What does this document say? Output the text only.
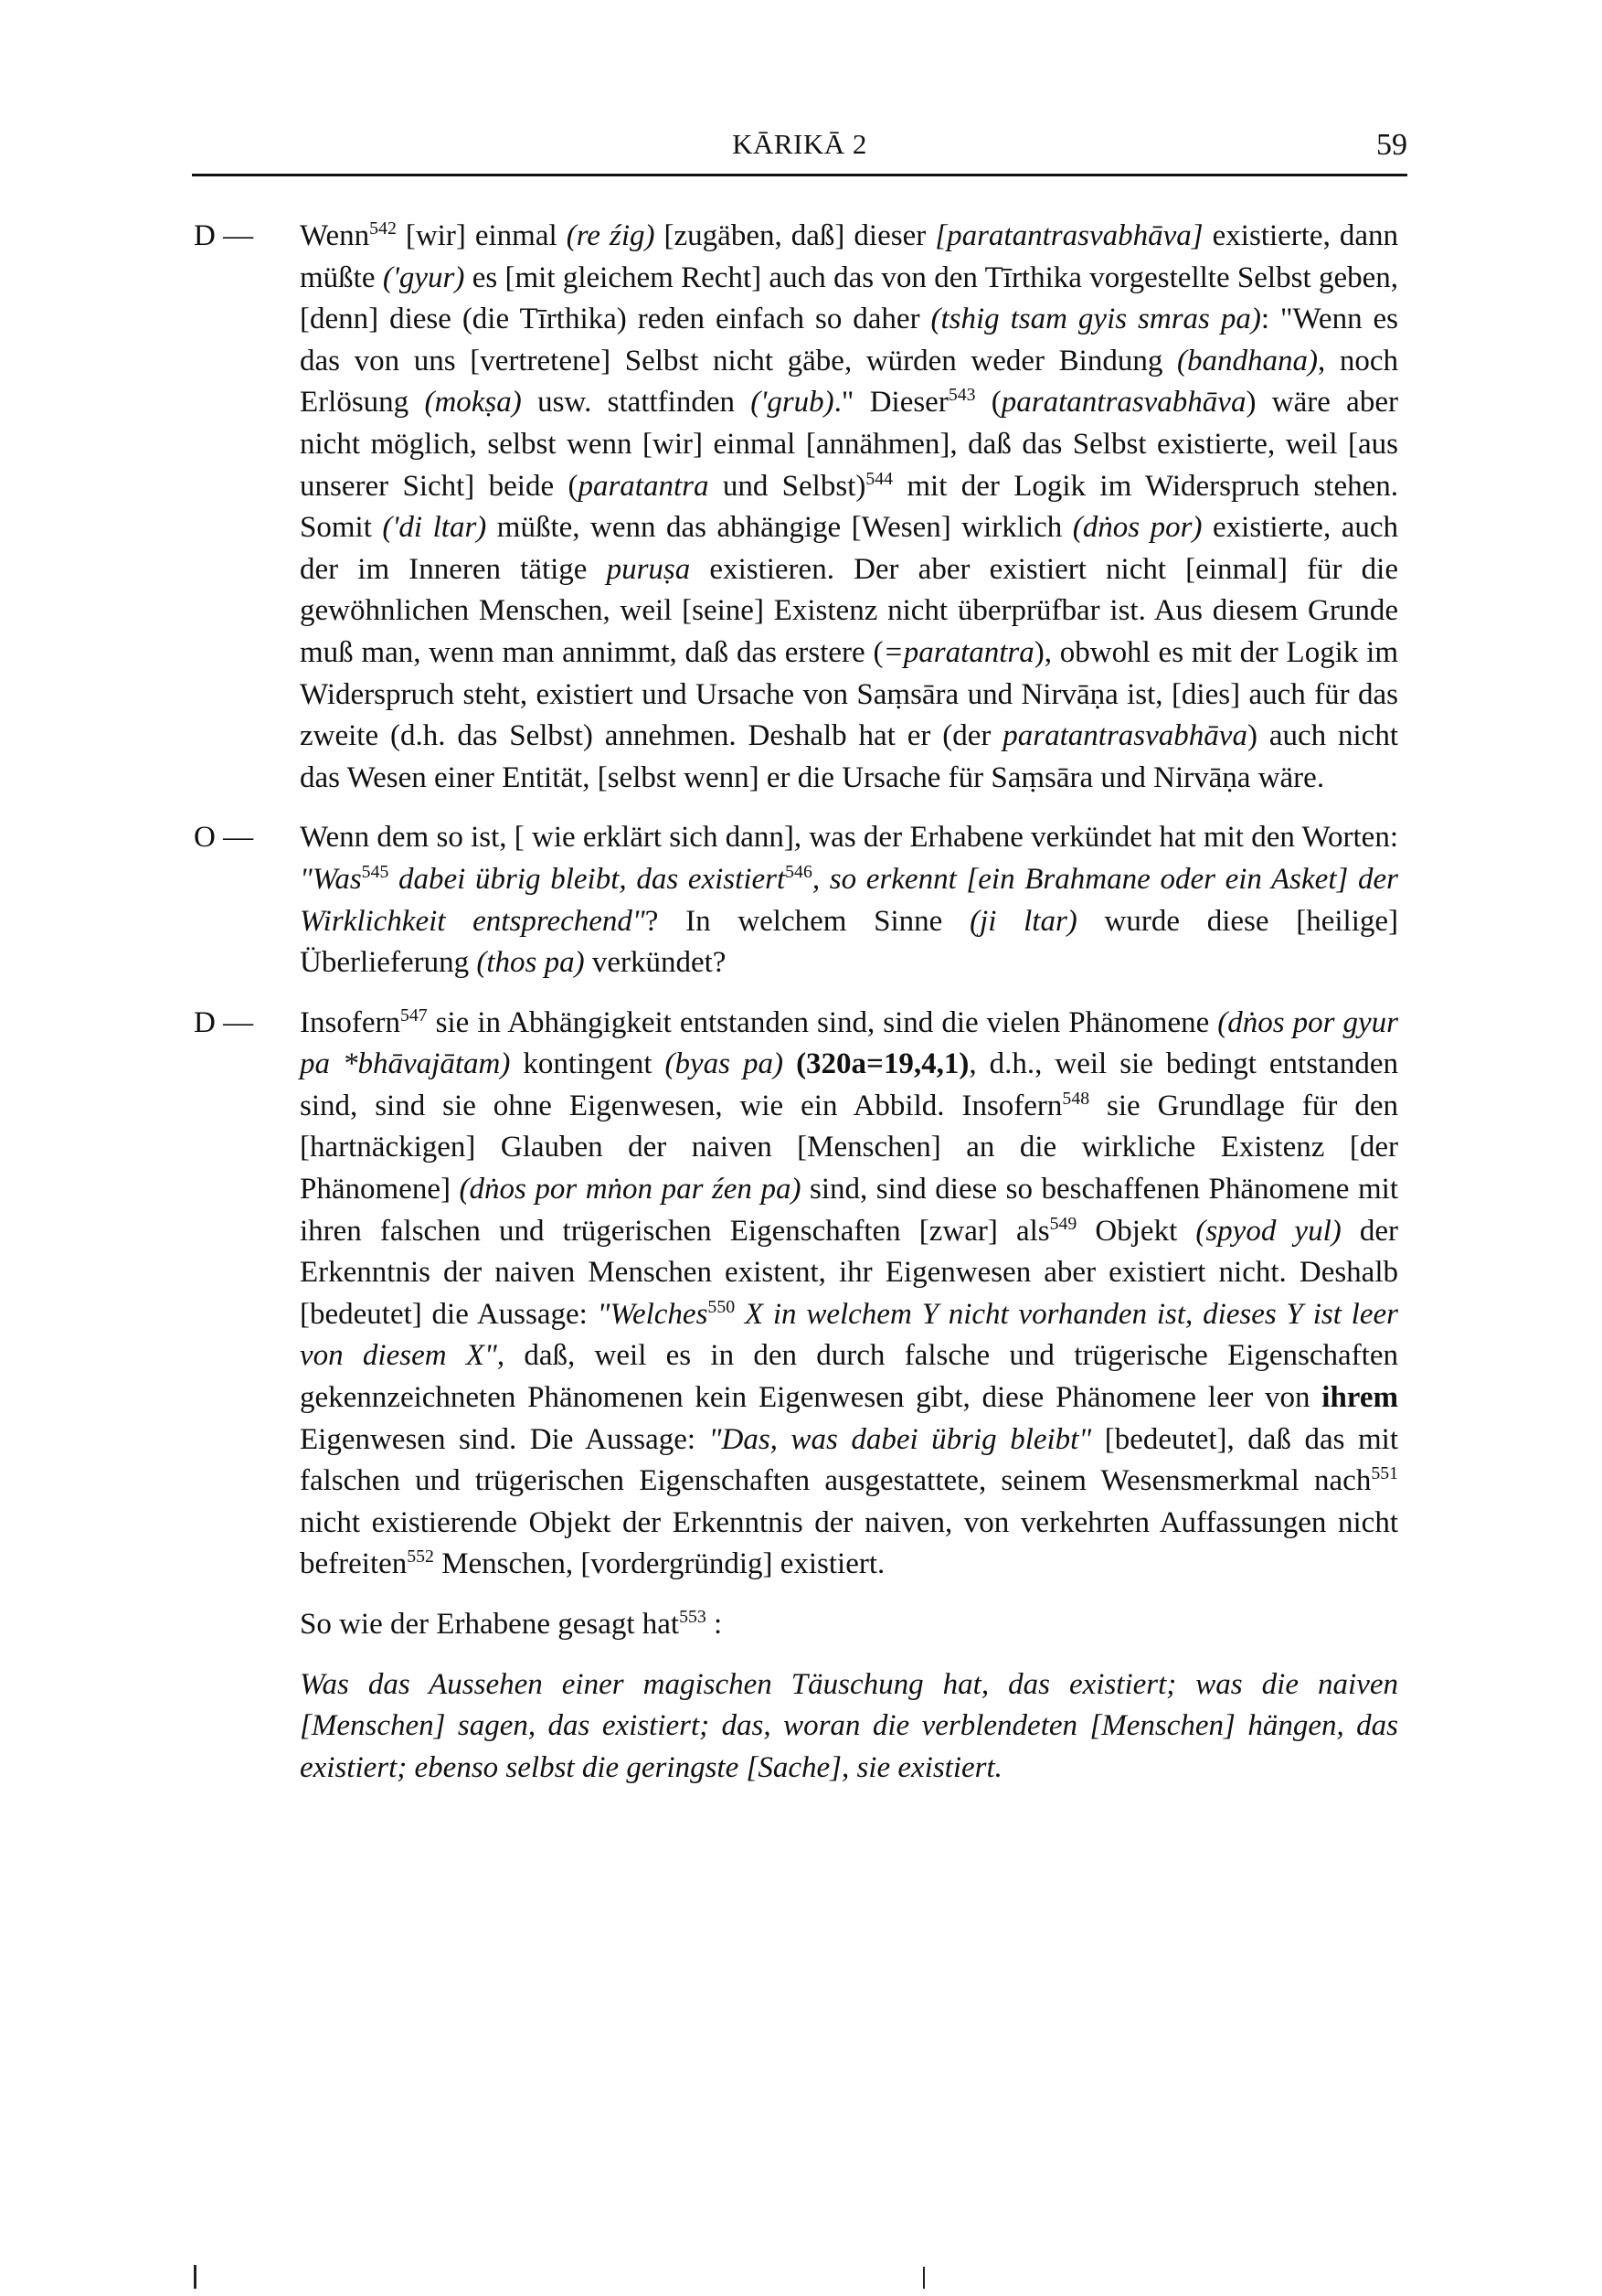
KĀRIKĀ 2	59
D — Wenn$^{542}$ [wir] einmal (re źig) [zugäben, daß] dieser [paratantrasvabhāva] existierte, dann müßte ('gyur) es [mit gleichem Recht] auch das von den Tīrthika vorgestellte Selbst geben, [denn] diese (die Tīrthika) reden einfach so daher (tshig tsam gyis smras pa): "Wenn es das von uns [vertretene] Selbst nicht gäbe, würden weder Bindung (bandhana), noch Erlösung (mokṣa) usw. stattfinden ('grub)." Dieser$^{543}$ (paratantrasvabhāva) wäre aber nicht möglich, selbst wenn [wir] einmal [annähmen], daß das Selbst existierte, weil [aus unserer Sicht] beide (paratantra und Selbst)$^{544}$ mit der Logik im Widerspruch stehen. Somit ('di ltar) müßte, wenn das abhängige [Wesen] wirklich (dṅos por) existierte, auch der im Inneren tätige puruṣa existieren. Der aber existiert nicht [einmal] für die gewöhnlichen Menschen, weil [seine] Existenz nicht überprüfbar ist. Aus diesem Grunde muß man, wenn man annimmt, daß das erstere (=paratantra), obwohl es mit der Logik im Widerspruch steht, existiert und Ursache von Saṃsāra und Nirvāṇa ist, [dies] auch für das zweite (d.h. das Selbst) annehmen. Deshalb hat er (der paratantrasvabhāva) auch nicht das Wesen einer Entität, [selbst wenn] er die Ursache für Saṃsāra und Nirvāṇa wäre.
O — Wenn dem so ist, [ wie erklärt sich dann], was der Erhabene verkündet hat mit den Worten: "Was$^{545}$ dabei übrig bleibt, das existiert$^{546}$, so erkennt [ein Brahmane oder ein Asket] der Wirklichkeit entsprechend"? In welchem Sinne (ji ltar) wurde diese [heilige] Überlieferung (thos pa) verkündet?
D — Insofern$^{547}$ sie in Abhängigkeit entstanden sind, sind die vielen Phänomene (dṅos por gyur pa *bhāvajātam) kontingent (byas pa) (320a=19,4,1), d.h., weil sie bedingt entstanden sind, sind sie ohne Eigenwesen, wie ein Abbild. Insofern$^{548}$ sie Grundlage für den [hartnäckigen] Glauben der naiven [Menschen] an die wirkliche Existenz [der Phänomene] (dṅos por mṅon par źen pa) sind, sind diese so beschaffenen Phänomene mit ihren falschen und trügerischen Eigenschaften [zwar] als$^{549}$ Objekt (spyod yul) der Erkenntnis der naiven Menschen existent, ihr Eigenwesen aber existiert nicht. Deshalb [bedeutet] die Aussage: "Welches$^{550}$ X in welchem Y nicht vorhanden ist, dieses Y ist leer von diesem X", daß, weil es in den durch falsche und trügerische Eigenschaften gekennzeichneten Phänomenen kein Eigenwesen gibt, diese Phänomene leer von ihrem Eigenwesen sind. Die Aussage: "Das, was dabei übrig bleibt" [bedeutet], daß das mit falschen und trügerischen Eigenschaften ausgestattete, seinem Wesensmerkmal nach$^{551}$ nicht existierende Objekt der Erkenntnis der naiven, von verkehrten Auffassungen nicht befreiten$^{552}$ Menschen, [vordergründig] existiert.
So wie der Erhabene gesagt hat$^{553}$ :
Was das Aussehen einer magischen Täuschung hat, das existiert; was die naiven [Menschen] sagen, das existiert; das, woran die verblendeten [Menschen] hängen, das existiert; ebenso selbst die geringste [Sache], sie existiert.
